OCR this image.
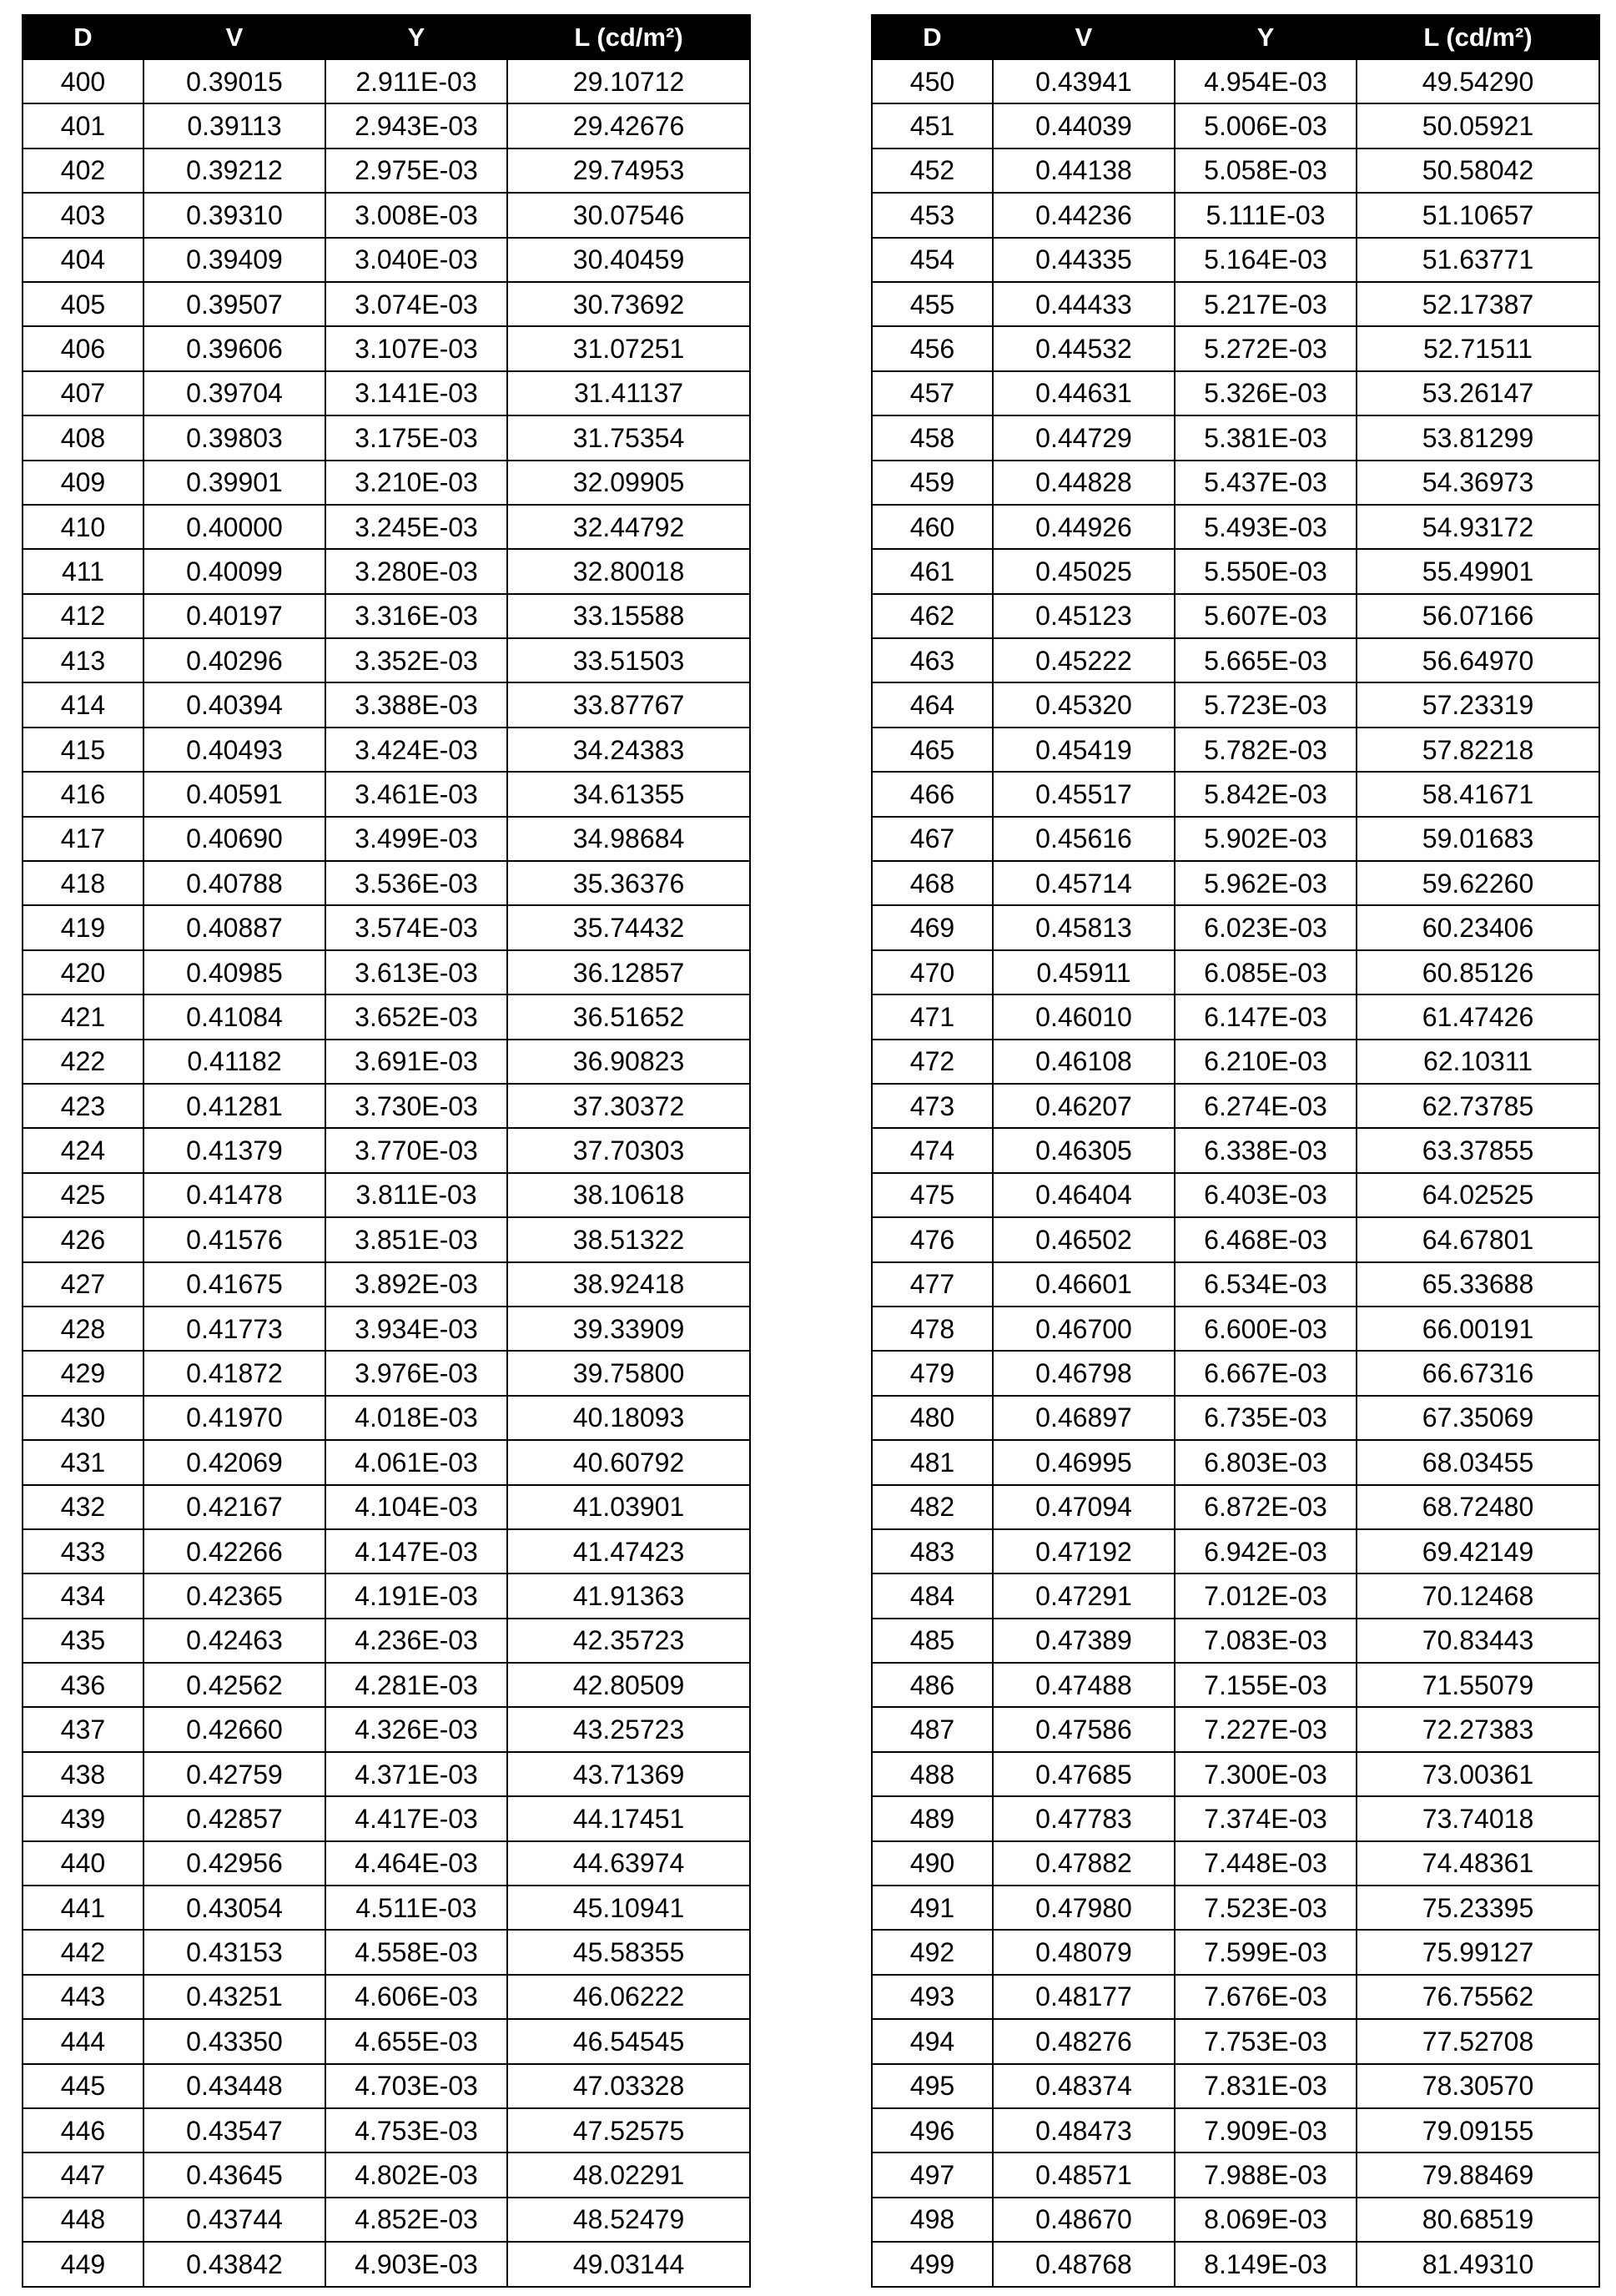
D	V	Y	L (cd/m²)
400	0.39015	2.911E-03	29.10712
401	0.39113	2.943E-03	29.42676
402	0.39212	2.975E-03	29.74953
403	0.39310	3.008E-03	30.07546
404	0.39409	3.040E-03	30.40459
405	0.39507	3.074E-03	30.73692
406	0.39606	3.107E-03	31.07251
407	0.39704	3.141E-03	31.41137
408	0.39803	3.175E-03	31.75354
409	0.39901	3.210E-03	32.09905
410	0.40000	3.245E-03	32.44792
411	0.40099	3.280E-03	32.80018
412	0.40197	3.316E-03	33.15588
413	0.40296	3.352E-03	33.51503
414	0.40394	3.388E-03	33.87767
415	0.40493	3.424E-03	34.24383
416	0.40591	3.461E-03	34.61355
417	0.40690	3.499E-03	34.98684
418	0.40788	3.536E-03	35.36376
419	0.40887	3.574E-03	35.74432
420	0.40985	3.613E-03	36.12857
421	0.41084	3.652E-03	36.51652
422	0.41182	3.691E-03	36.90823
423	0.41281	3.730E-03	37.30372
424	0.41379	3.770E-03	37.70303
425	0.41478	3.811E-03	38.10618
426	0.41576	3.851E-03	38.51322
427	0.41675	3.892E-03	38.92418
428	0.41773	3.934E-03	39.33909
429	0.41872	3.976E-03	39.75800
430	0.41970	4.018E-03	40.18093
431	0.42069	4.061E-03	40.60792
432	0.42167	4.104E-03	41.03901
433	0.42266	4.147E-03	41.47423
434	0.42365	4.191E-03	41.91363
435	0.42463	4.236E-03	42.35723
436	0.42562	4.281E-03	42.80509
437	0.42660	4.326E-03	43.25723
438	0.42759	4.371E-03	43.71369
439	0.42857	4.417E-03	44.17451
440	0.42956	4.464E-03	44.63974
441	0.43054	4.511E-03	45.10941
442	0.43153	4.558E-03	45.58355
443	0.43251	4.606E-03	46.06222
444	0.43350	4.655E-03	46.54545
445	0.43448	4.703E-03	47.03328
446	0.43547	4.753E-03	47.52575
447	0.43645	4.802E-03	48.02291
448	0.43744	4.852E-03	48.52479
449	0.43842	4.903E-03	49.03144
D	V	Y	L (cd/m²)
450	0.43941	4.954E-03	49.54290
451	0.44039	5.006E-03	50.05921
452	0.44138	5.058E-03	50.58042
453	0.44236	5.111E-03	51.10657
454	0.44335	5.164E-03	51.63771
455	0.44433	5.217E-03	52.17387
456	0.44532	5.272E-03	52.71511
457	0.44631	5.326E-03	53.26147
458	0.44729	5.381E-03	53.81299
459	0.44828	5.437E-03	54.36973
460	0.44926	5.493E-03	54.93172
461	0.45025	5.550E-03	55.49901
462	0.45123	5.607E-03	56.07166
463	0.45222	5.665E-03	56.64970
464	0.45320	5.723E-03	57.23319
465	0.45419	5.782E-03	57.82218
466	0.45517	5.842E-03	58.41671
467	0.45616	5.902E-03	59.01683
468	0.45714	5.962E-03	59.62260
469	0.45813	6.023E-03	60.23406
470	0.45911	6.085E-03	60.85126
471	0.46010	6.147E-03	61.47426
472	0.46108	6.210E-03	62.10311
473	0.46207	6.274E-03	62.73785
474	0.46305	6.338E-03	63.37855
475	0.46404	6.403E-03	64.02525
476	0.46502	6.468E-03	64.67801
477	0.46601	6.534E-03	65.33688
478	0.46700	6.600E-03	66.00191
479	0.46798	6.667E-03	66.67316
480	0.46897	6.735E-03	67.35069
481	0.46995	6.803E-03	68.03455
482	0.47094	6.872E-03	68.72480
483	0.47192	6.942E-03	69.42149
484	0.47291	7.012E-03	70.12468
485	0.47389	7.083E-03	70.83443
486	0.47488	7.155E-03	71.55079
487	0.47586	7.227E-03	72.27383
488	0.47685	7.300E-03	73.00361
489	0.47783	7.374E-03	73.74018
490	0.47882	7.448E-03	74.48361
491	0.47980	7.523E-03	75.23395
492	0.48079	7.599E-03	75.99127
493	0.48177	7.676E-03	76.75562
494	0.48276	7.753E-03	77.52708
495	0.48374	7.831E-03	78.30570
496	0.48473	7.909E-03	79.09155
497	0.48571	7.988E-03	79.88469
498	0.48670	8.069E-03	80.68519
499	0.48768	8.149E-03	81.49310
